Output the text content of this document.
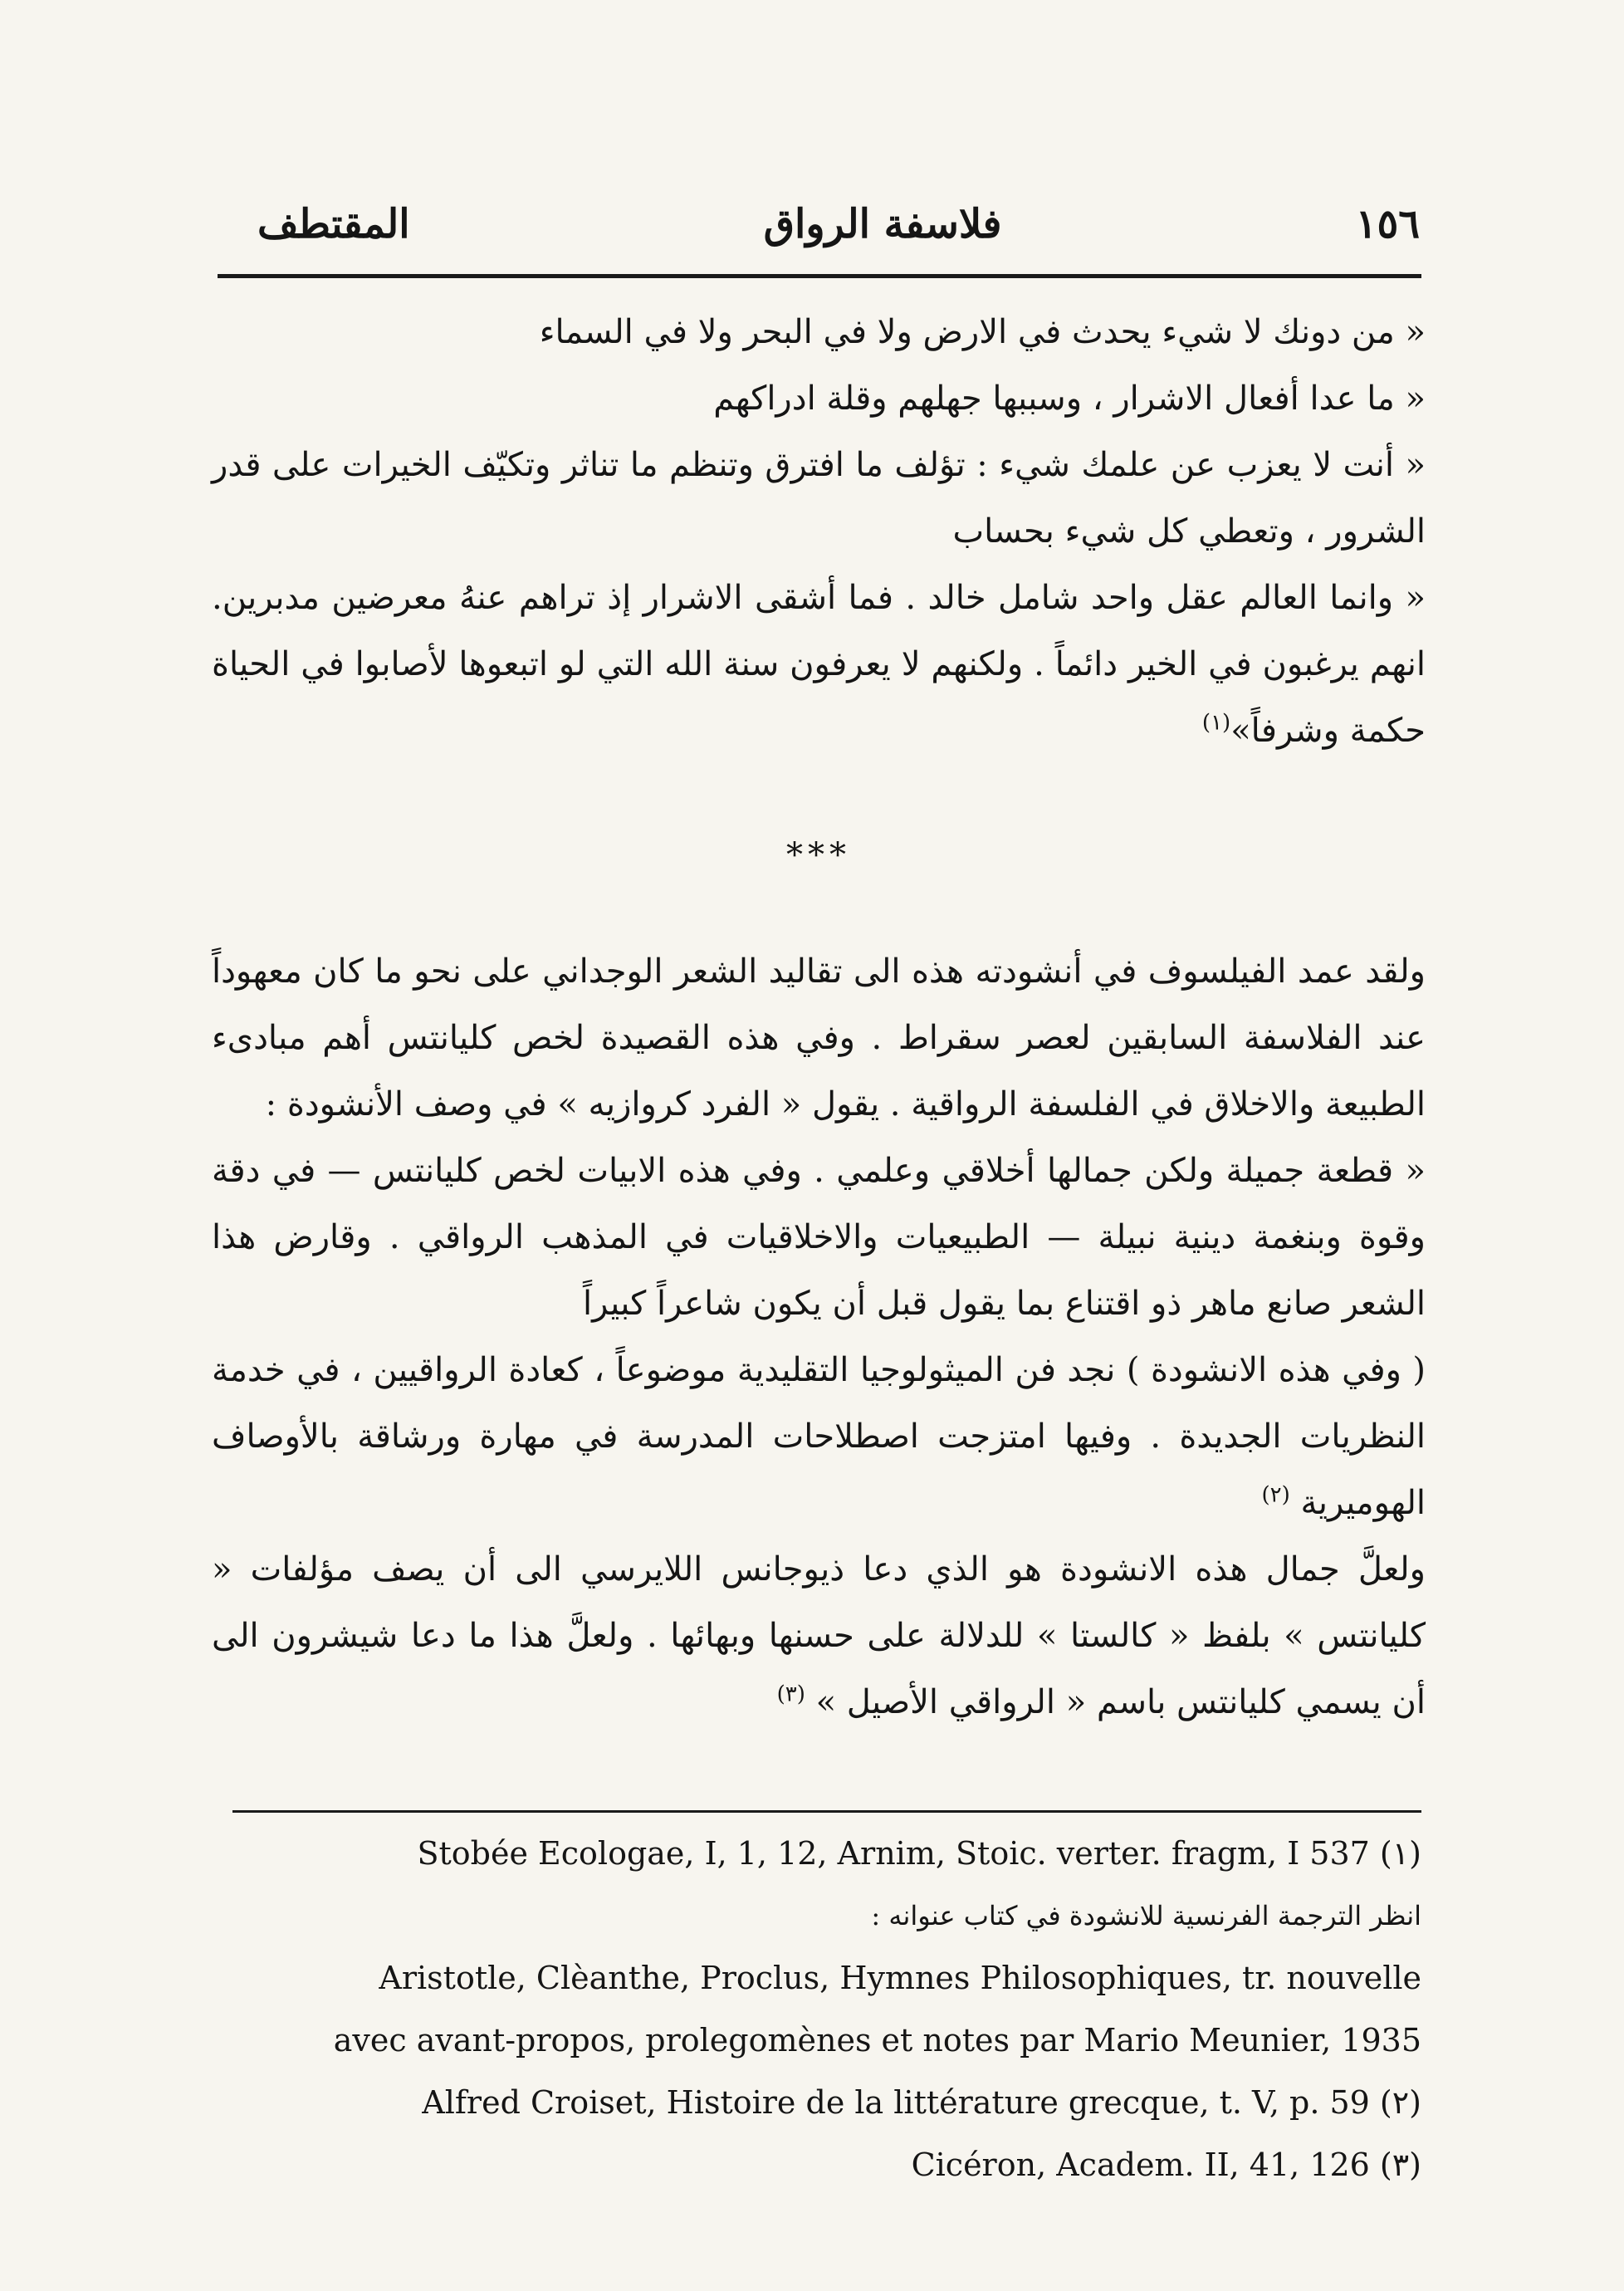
المقتطف	فلاسفة الرواق	١٥٦

« من دونك لا شيء يحدث في الارض ولا في البحر ولا في السماء

« ما عدا أفعال الاشرار ، وسببها جهلهم وقلة ادراكهم

« أنت لا يعزب عن علمك شيء : تؤلف ما افترق وتنظم ما تناثر وتكيّف الخيرات على قدر الشرور ، وتعطي كل شيء بحساب

« وانما العالم عقل واحد شامل خالد . فما أشقى الاشرار إذ تراهم عنهُ معرضين مدبرين. انهم يرغبون في الخير دائماً . ولكنهم لا يعرفون سنة الله التي لو اتبعوها لأصابوا في الحياة حكمة وشرفاً»$^{(١)}$

***

ولقد عمد الفيلسوف في أنشودته هذه الى تقاليد الشعر الوجداني على نحو ما كان معهوداً عند الفلاسفة السابقين لعصر سقراط . وفي هذه القصيدة لخص كليانتس أهم مبادىء الطبيعة والاخلاق في الفلسفة الرواقية . يقول « الفرد كروازيه » في وصف الأنشودة :

« قطعة جميلة ولكن جمالها أخلاقي وعلمي . وفي هذه الابيات لخص كليانتس — في دقة وقوة وبنغمة دينية نبيلة — الطبيعيات والاخلاقيات في المذهب الرواقي . وقارض هذا الشعر صانع ماهر ذو اقتناع بما يقول قبل أن يكون شاعراً كبيراً

( وفي هذه الانشودة ) نجد فن الميثولوجيا التقليدية موضوعاً ، كعادة الرواقيين ، في خدمة النظريات الجديدة . وفيها امتزجت اصطلاحات المدرسة في مهارة ورشاقة بالأوصاف الهوميرية $^{(٢)}$

ولعلَّ جمال هذه الانشودة هو الذي دعا ذيوجانس اللايرسي الى أن يصف مؤلفات « كليانتس » بلفظ « كالستا » للدلالة على حسنها وبهائها . ولعلَّ هذا ما دعا شيشرون الى أن يسمي كليانتس باسم « الرواقي الأصيل » $^{(٣)}$

Stobée Ecologae, I, 1, 12, Arnim, Stoic. verter. fragm, I 537 (١)

انظر الترجمة الفرنسية للانشودة في كتاب عنوانه :

Aristotle, Clèanthe, Proclus, Hymnes Philosophiques, tr. nouvelle

avec avant-propos, prolegomènes et notes par Mario Meunier, 1935

Alfred Croiset, Histoire de la littérature grecque, t. V, p. 59 (٢)

Cicéron, Academ. II, 41, 126 (٣)
